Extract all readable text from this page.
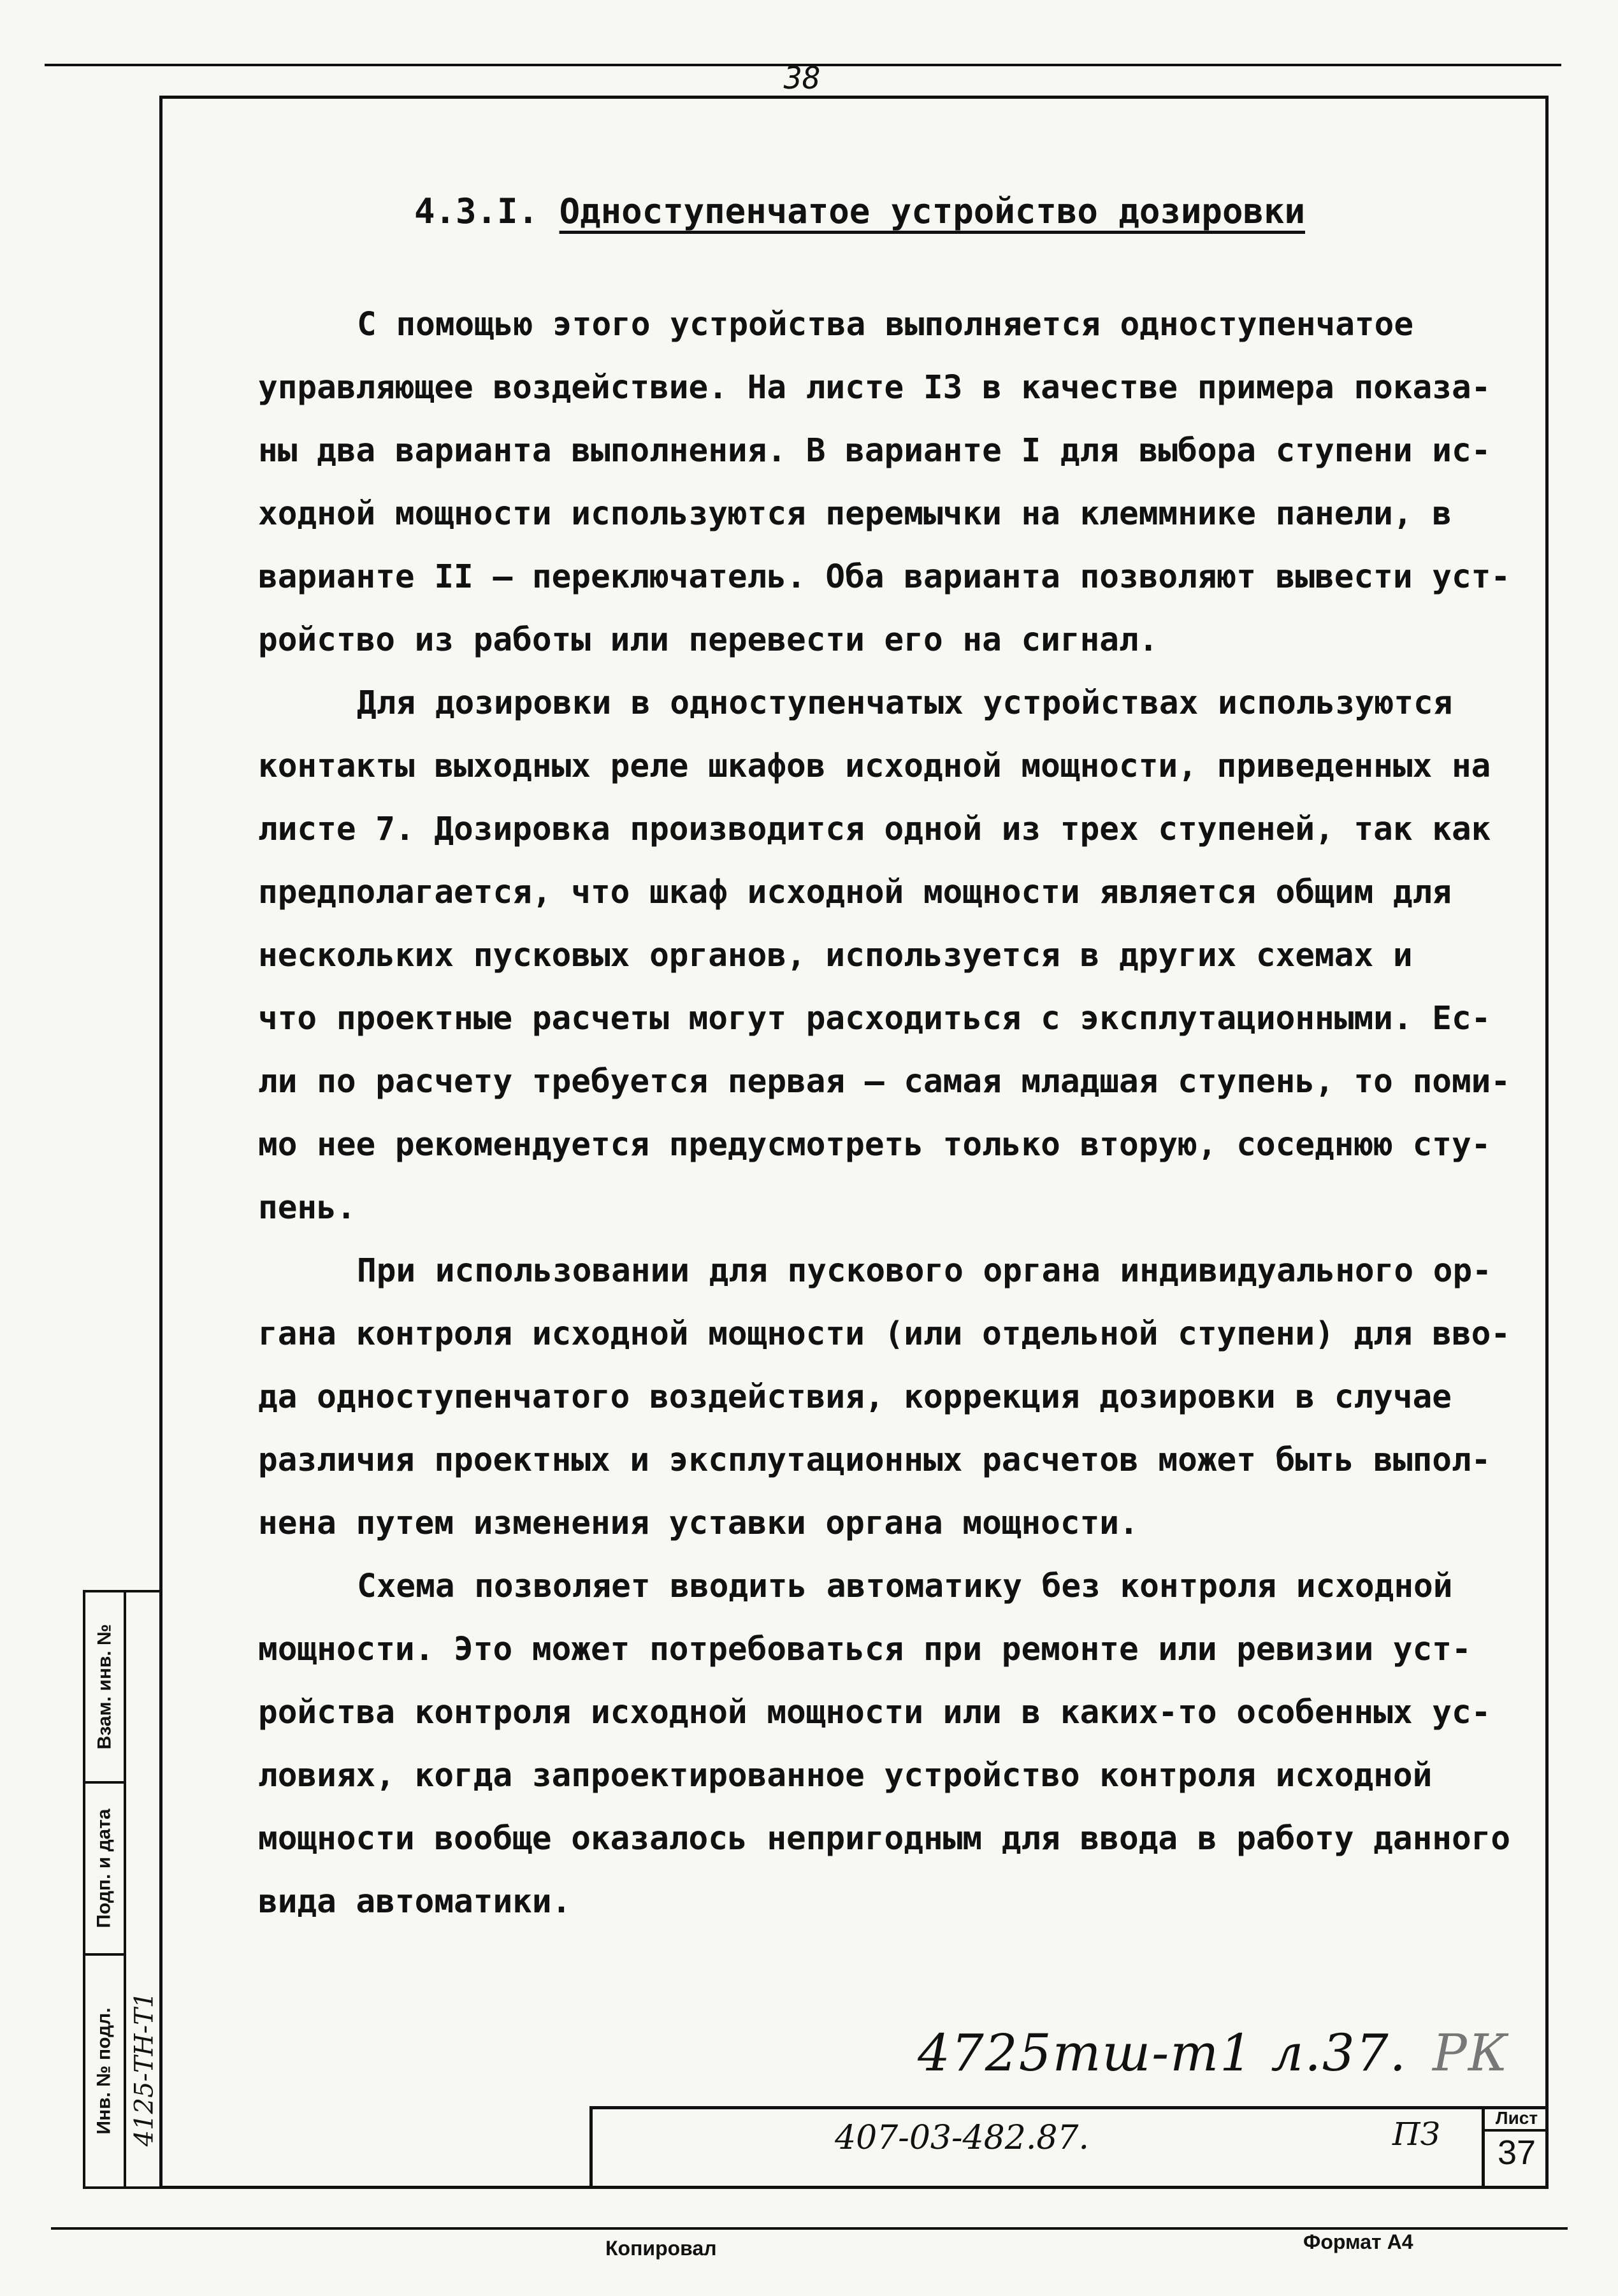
38
4.3.I. Одноступенчатое устройство дозировки
С помощью этого устройства выполняется одноступенчатое
управляющее воздействие. На листе I3 в качестве примера показа-
ны два варианта выполнения. В варианте I для выбора ступени ис-
ходной мощности используются перемычки на клеммнике панели, в
варианте II – переключатель. Оба варианта позволяют вывести уст-
ройство из работы или перевести его на сигнал.
Для дозировки в одноступенчатых устройствах используются
контакты выходных реле шкафов исходной мощности, приведенных на
листе 7. Дозировка производится одной из трех ступеней, так как
предполагается, что шкаф исходной мощности является общим для
нескольких пусковых органов, используется в других схемах и
что проектные расчеты могут расходиться с эксплутационными. Ес-
ли по расчету требуется первая – самая младшая ступень, то поми-
мо нее рекомендуется предусмотреть только вторую, соседнюю сту-
пень.
При использовании для пускового органа индивидуального ор-
гана контроля исходной мощности (или отдельной ступени) для вво-
да одноступенчатого воздействия, коррекция дозировки в случае
различия проектных и эксплутационных расчетов может быть выпол-
нена путем изменения уставки органа мощности.
Схема позволяет вводить автоматику без контроля исходной
мощности. Это может потребоваться при ремонте или ревизии уст-
ройства контроля исходной мощности или в каких-то особенных ус-
ловиях, когда запроектированное устройство контроля исходной
мощности вообще оказалось непригодным для ввода в работу данного
вида автоматики.
Взам. инв. №
Подп. и дата
Инв. № подл. 4125-ТН-Т1	4725тш-т1 л.37. РК
407-03-482.87.	ПЗ	Лист
37
Копировал	Формат А4
